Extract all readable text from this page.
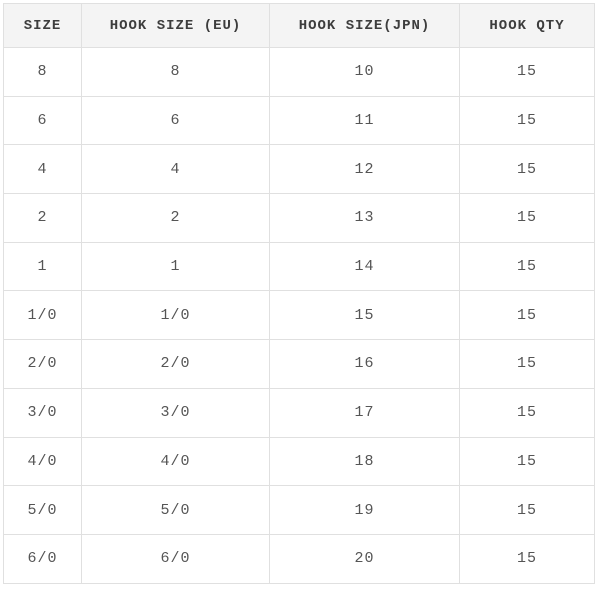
SIZE	HOOK SIZE (EU)	HOOK SIZE(JPN)	HOOK QTY
8	8	10	15
6	6	11	15
4	4	12	15
2	2	13	15
1	1	14	15
1/0	1/0	15	15
2/0	2/0	16	15
3/0	3/0	17	15
4/0	4/0	18	15
5/0	5/0	19	15
6/0	6/0	20	15
